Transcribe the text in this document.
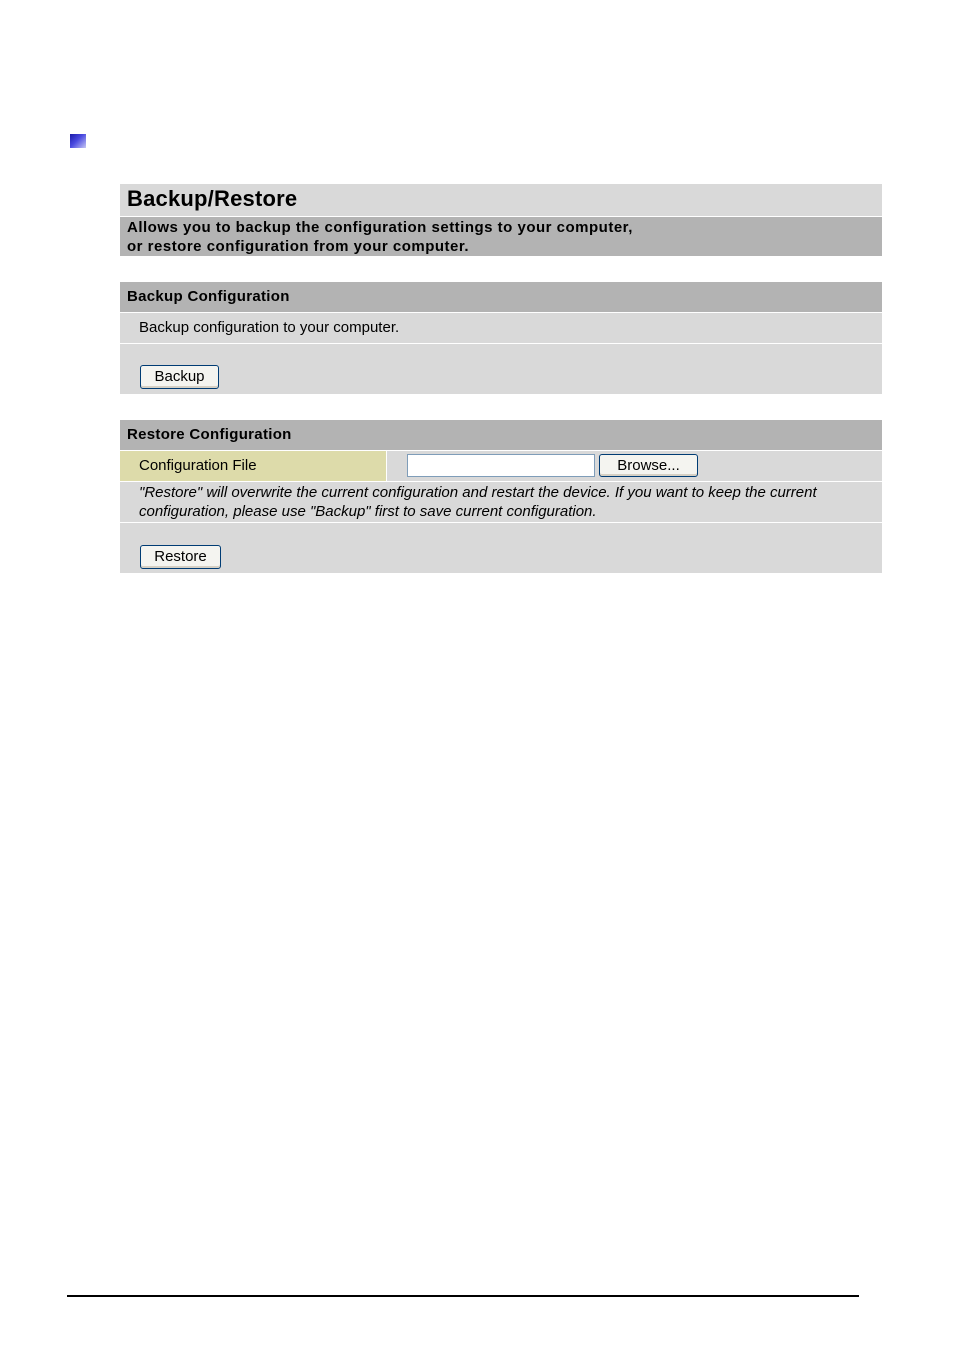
Backup/Restore
Allows you to backup the configuration settings to your computer,
or restore configuration from your computer.
Backup Configuration
Backup configuration to your computer.
Backup
Restore Configuration
Configuration File	Browse...
"Restore" will overwrite the current configuration and restart the device. If you want to keep the current
configuration, please use "Backup" first to save current configuration.
Restore
